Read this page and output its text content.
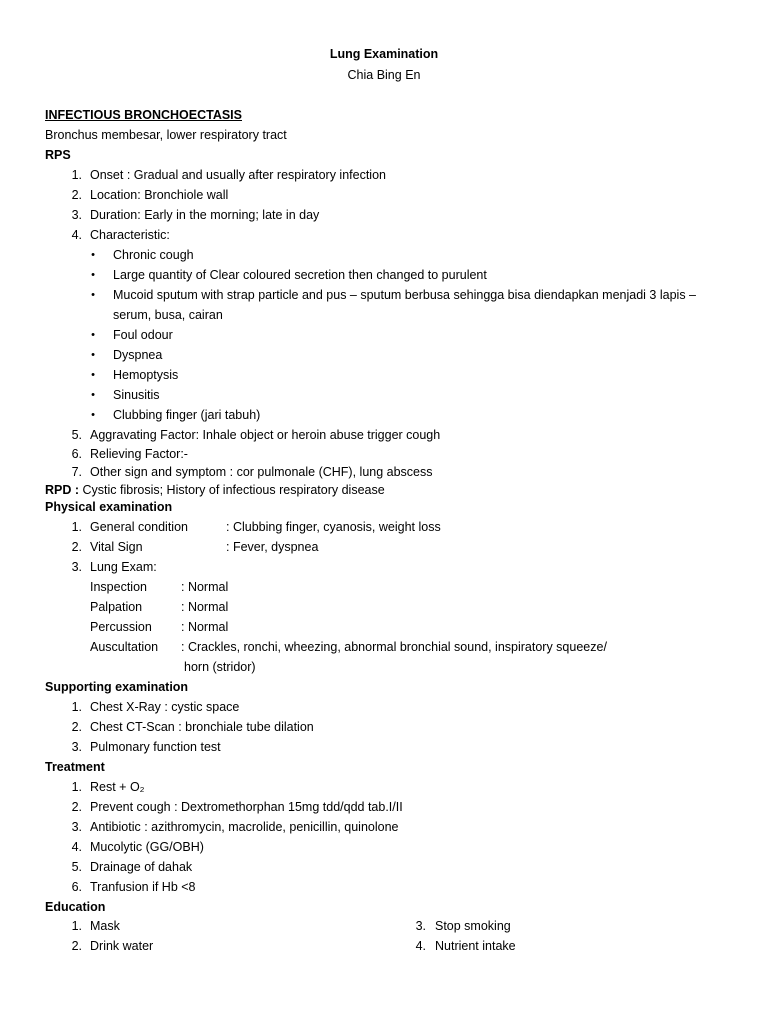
Lung Examination
Chia Bing En
INFECTIOUS BRONCHOECTASIS
Bronchus membesar, lower respiratory tract
RPS
1. Onset : Gradual and usually after respiratory infection
2. Location: Bronchiole wall
3. Duration: Early in the morning; late in day
4. Characteristic:
• Chronic cough
• Large quantity of Clear coloured secretion then changed to purulent
• Mucoid sputum with strap particle and pus – sputum berbusa sehingga bisa diendapkan menjadi 3 lapis –
serum, busa, cairan
• Foul odour
• Dyspnea
• Hemoptysis
• Sinusitis
• Clubbing finger (jari tabuh)
5. Aggravating Factor: Inhale object or heroin abuse trigger cough
6. Relieving Factor:-
7. Other sign and symptom : cor pulmonale (CHF), lung abscess
RPD : Cystic fibrosis; History of infectious respiratory disease
Physical examination
1. General condition	: Clubbing finger, cyanosis, weight loss
2. Vital Sign	: Fever, dyspnea
3. Lung Exam:
Inspection	: Normal
Palpation	: Normal
Percussion : Normal
Auscultation : Crackles, ronchi, wheezing, abnormal bronchial sound, inspiratory squeeze/
horn (stridor)
Supporting examination
1. Chest X-Ray : cystic space
2. Chest CT-Scan : bronchiale tube dilation
3. Pulmonary function test
Treatment
1. Rest + O₂
2. Prevent cough : Dextromethorphan 15mg tdd/qdd tab.I/II
3. Antibiotic : azithromycin, macrolide, penicillin, quinolone
4. Mucolytic (GG/OBH)
5. Drainage of dahak
6. Tranfusion if Hb <8
Education
1. Mask
2. Drink water
3. Stop smoking
4. Nutrient intake
